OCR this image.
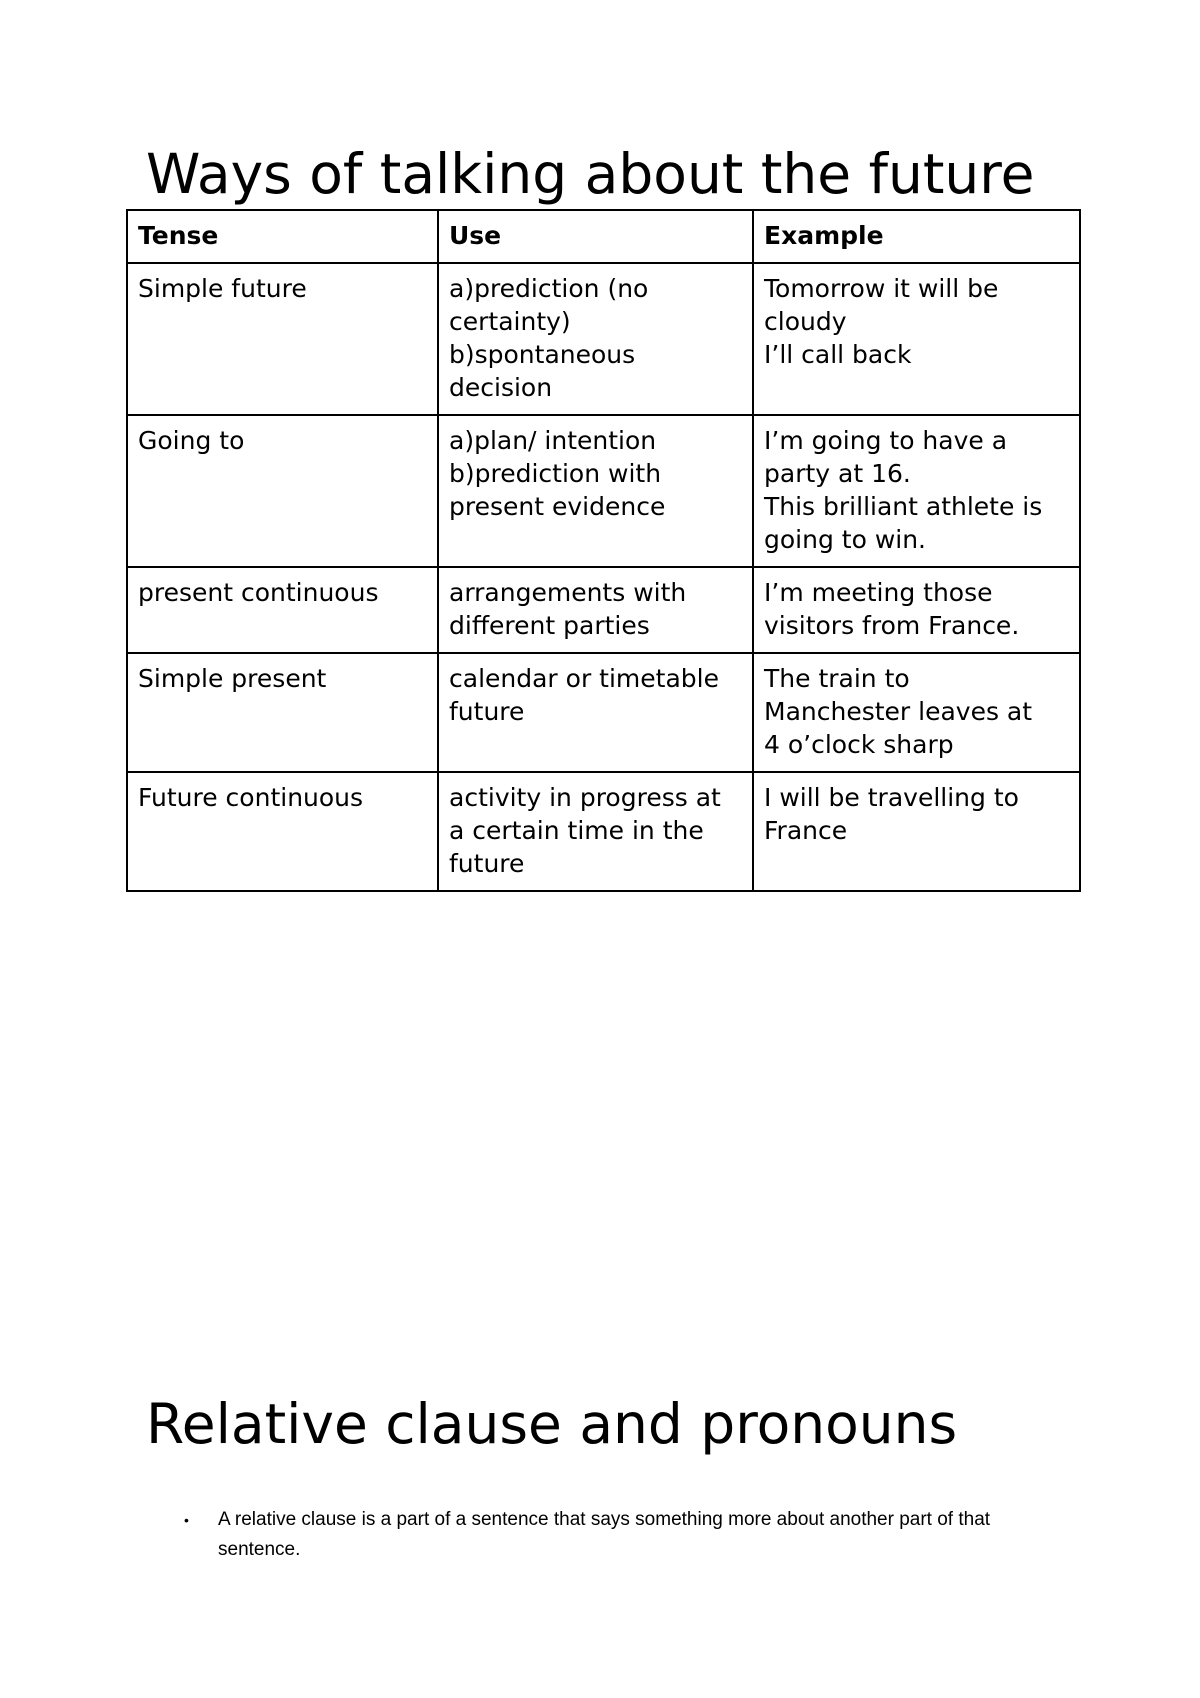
Ways of talking about the future
Tense	Use	Example

Simple future	a)prediction (no
certainty)
b)spontaneous
decision	Tomorrow it will be
cloudy
I’ll call back

Going to	a)plan/ intention
b)prediction with
present evidence	I’m going to have a
party at 16.
This brilliant athlete is
going to win.

present continuous	arrangements with
different parties	I’m meeting those
visitors from France.

Simple present	calendar or timetable
future	The train to
Manchester leaves at
4 o’clock sharp

Future continuous	activity in progress at
a certain time in the
future	I will be travelling to
France
Relative clause and pronouns
• A relative clause is a part of a sentence that says something more about another part of that
sentence.
